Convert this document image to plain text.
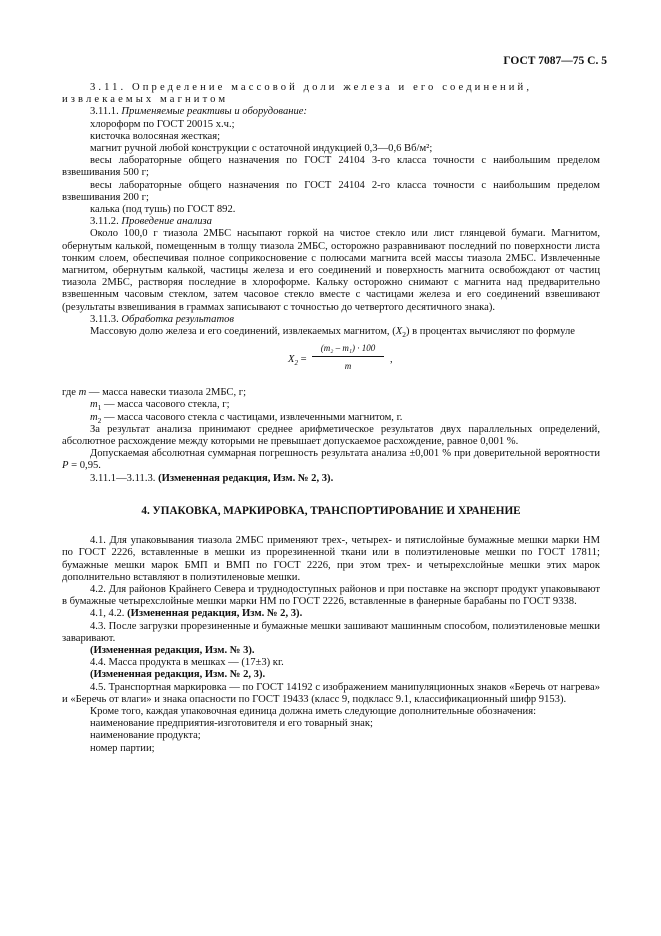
ГОСТ 7087—75 С. 5

3.11. Определение массовой доли железа и его соединений,

извлекаемых магнитом

3.11.1. Применяемые реактивы и оборудование:

хлороформ по ГОСТ 20015 х.ч.;

кисточка волосяная жесткая;

магнит ручной любой конструкции с остаточной индукцией 0,3—0,6 Вб/м²;

весы лабораторные общего назначения по ГОСТ 24104 3-го класса точности с наибольшим пределом взвешивания 500 г;

весы лабораторные общего назначения по ГОСТ 24104 2-го класса точности с наибольшим пределом взвешивания 200 г;

калька (под тушь) по ГОСТ 892.

3.11.2. Проведение анализа

Около 100,0 г тиазола 2МБС насыпают горкой на чистое стекло или лист глянцевой бумаги. Магнитом, обернутым калькой, помещенным в толщу тиазола 2МБС, осторожно разравнивают последний по поверхности листа тонким слоем, обеспечивая полное соприкосновение с полюсами магнита всей массы тиазола 2МБС. Извлеченные магнитом, обернутым калькой, частицы железа и его соединений и поверхность магнита освобождают от частиц тиазола 2МБС, растворяя последние в хлороформе. Кальку осторожно снимают с магнита над предварительно взвешенным часовым стеклом, затем часовое стекло вместе с частицами железа и его соединений взвешивают (результаты взвешивания в граммах записывают с точностью до четвертого десятичного знака).

3.11.3. Обработка результатов

Массовую долю железа и его соединений, извлекаемых магнитом, $(X_2)$ в процентах вычисляют по формуле

$X_2 = \frac{\text{(m₂ – m₁) · 100}}{m}$ ,

где m — масса навески тиазола 2МБС, г;

$m_1$ — масса часового стекла, г;

$m_2$ — масса часового стекла с частицами, извлеченными магнитом, г.

За результат анализа принимают среднее арифметическое результатов двух параллельных определений, абсолютное расхождение между которыми не превышает допускаемое расхождение, равное 0,001 %.

Допускаемая абсолютная суммарная погрешность результата анализа ±0,001 % при доверительной вероятности P = 0,95.

3.11.1—3.11.3. (Измененная редакция, Изм. № 2, 3).

4. УПАКОВКА, МАРКИРОВКА, ТРАНСПОРТИРОВАНИЕ И ХРАНЕНИЕ

4.1. Для упаковывания тиазола 2МБС применяют трех-, четырех- и пятислойные бумажные мешки марки НМ по ГОСТ 2226, вставленные в мешки из прорезиненной ткани или в полиэтиленовые мешки по ГОСТ 17811; бумажные мешки марок БМП и ВМП по ГОСТ 2226, при этом трех- и четырехслойные мешки этих марок дополнительно вставляют в полиэтиленовые мешки.

4.2. Для районов Крайнего Севера и труднодоступных районов и при поставке на экспорт продукт упаковывают в бумажные четырехслойные мешки марки НМ по ГОСТ 2226, вставленные в фанерные барабаны по ГОСТ 9338.

4.1, 4.2. (Измененная редакция, Изм. № 2, 3).

4.3. После загрузки прорезиненные и бумажные мешки зашивают машинным способом, полиэтиленовые мешки заваривают.

(Измененная редакция, Изм. № 3).

4.4. Масса продукта в мешках — (17±3) кг.

(Измененная редакция, Изм. № 2, 3).

4.5. Транспортная маркировка — по ГОСТ 14192 с изображением манипуляционных знаков «Беречь от нагрева» и «Беречь от влаги» и знака опасности по ГОСТ 19433 (класс 9, подкласс 9.1, классификационный шифр 9153).

Кроме того, каждая упаковочная единица должна иметь следующие дополнительные обозначения:

наименование предприятия-изготовителя и его товарный знак;

наименование продукта;

номер партии;
